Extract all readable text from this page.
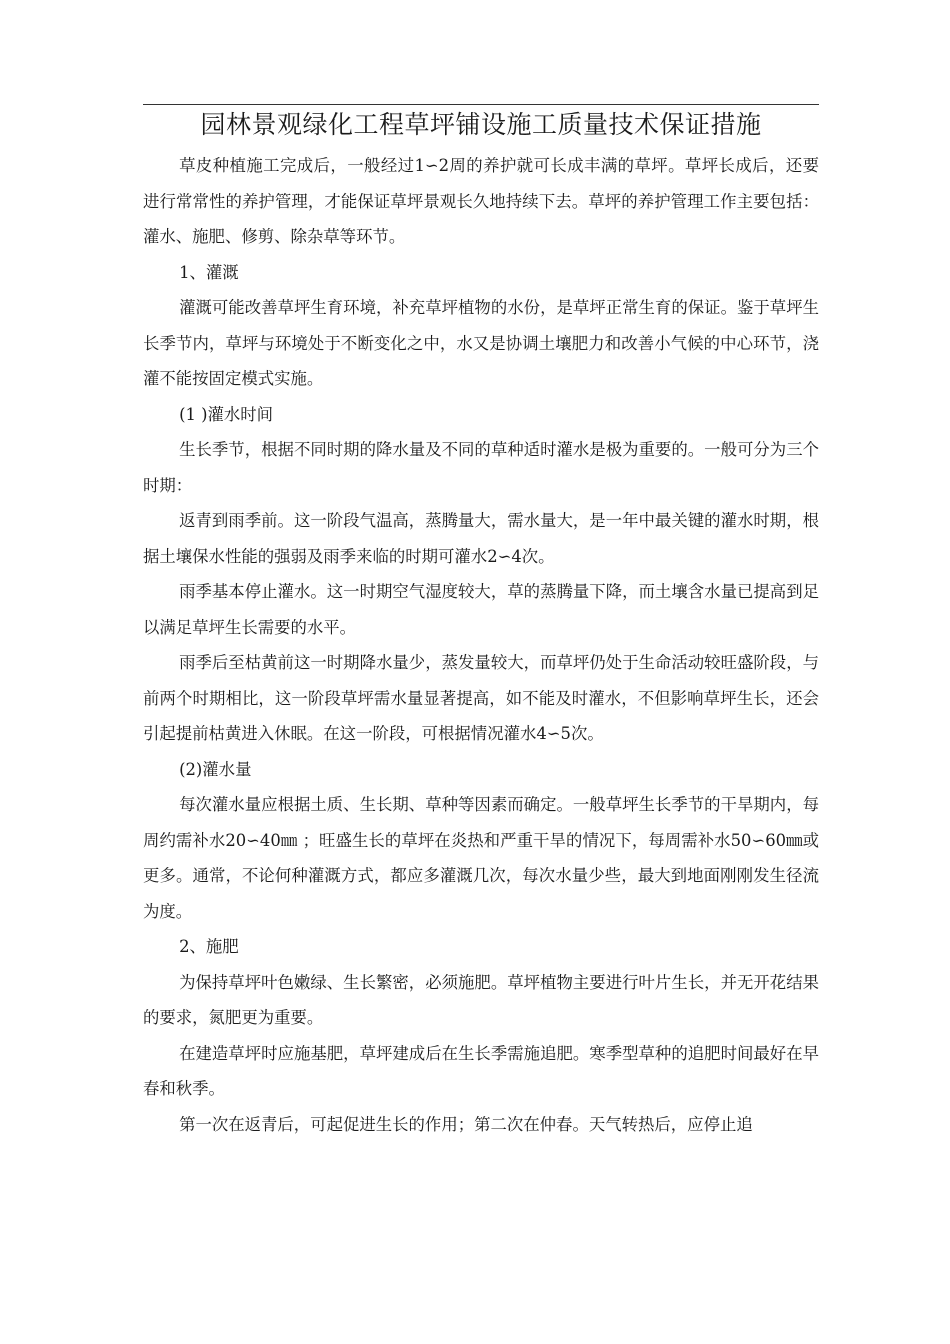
园林景观绿化工程草坪铺设施工质量技术保证措施

草皮种植施工完成后，一般经过1∽2周的养护就可长成丰满的草坪。草坪长成后，还要进行常常性的养护管理，才能保证草坪景观长久地持续下去。草坪的养护管理工作主要包括：灌水、施肥、修剪、除杂草等环节。

1、灌溉

灌溉可能改善草坪生育环境，补充草坪植物的水份，是草坪正常生育的保证。鉴于草坪生长季节内，草坪与环境处于不断变化之中，水又是协调土壤肥力和改善小气候的中心环节，浇灌不能按固定模式实施。

(1 )灌水时间

生长季节，根据不同时期的降水量及不同的草种适时灌水是极为重要的。一般可分为三个时期：

返青到雨季前。这一阶段气温高，蒸腾量大，需水量大，是一年中最关键的灌水时期，根据土壤保水性能的强弱及雨季来临的时期可灌水2∽4次。

雨季基本停止灌水。这一时期空气湿度较大，草的蒸腾量下降，而土壤含水量已提高到足以满足草坪生长需要的水平。

雨季后至枯黄前这一时期降水量少，蒸发量较大，而草坪仍处于生命活动较旺盛阶段，与前两个时期相比，这一阶段草坪需水量显著提高，如不能及时灌水，不但影响草坪生长，还会引起提前枯黄进入休眠。在这一阶段，可根据情况灌水4∽5次。

(2)灌水量

每次灌水量应根据土质、生长期、草种等因素而确定。一般草坪生长季节的干旱期内，每周约需补水20∽40㎜ ；旺盛生长的草坪在炎热和严重干旱的情况下，每周需补水50∽60㎜或更多。通常，不论何种灌溉方式，都应多灌溉几次，每次水量少些，最大到地面刚刚发生径流为度。

2、施肥

为保持草坪叶色嫩绿、生长繁密，必须施肥。草坪植物主要进行叶片生长，并无开花结果的要求，氮肥更为重要。

在建造草坪时应施基肥，草坪建成后在生长季需施追肥。寒季型草种的追肥时间最好在早春和秋季。

第一次在返青后，可起促进生长的作用；第二次在仲春。天气转热后，应停止追
